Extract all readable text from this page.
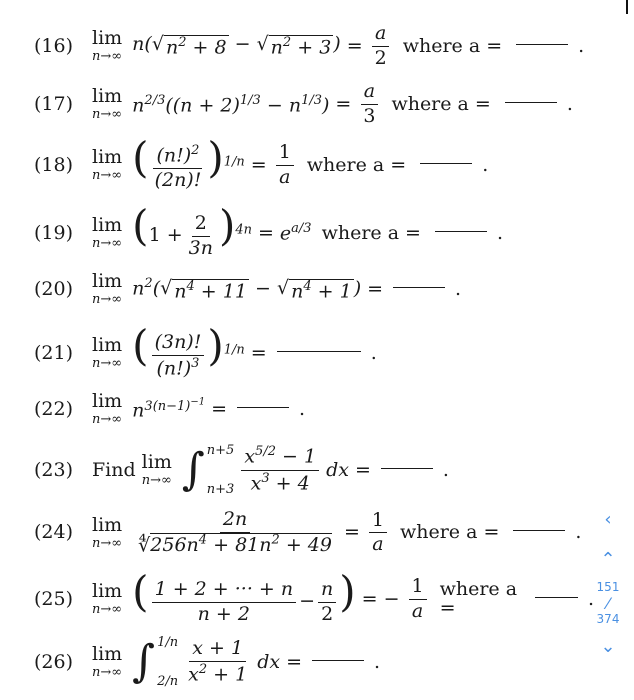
(16) lim
n→∞
n( √ $n^2 + 8$ − √ $n^2 + 3$ ) = $\frac{a}{2}$ where a =	.
(17) lim
n→∞ $n^{2/3}((n + 2)^{1/3} - n^{1/3}) = \frac{a}{3}$ where a =	.
(18) lim
n→∞ ( $\frac{(n!)^2}{(2n)!} )^{1/n} = \frac{1}{a}$ where a =	.
(19) lim
n→∞ $(1 + \frac{2}{3n} )^{4n} = e^{a/3}$ where a =	.
(20) lim
n→∞
$n^2$( √ $n^4 + 11$ − √ $n^4 + 1$ ) =	.
(21) lim
n→∞ ( $\frac{(3n)!}{(n!)^3} )^{1/n}$ =	.
(22) lim
n→∞ $n^{3(n-1)^{-1}}$ =	.
(23) Find lim
n→∞ ∫ n+5
$n+3 \frac{x^{5/2} - 1}{x^3 + 4}$ dx =	.
(24) lim
$n\to\infty \frac{2n}{∜256n^4 + 81n^2 + 49} = \frac{1}{a}$ where a =	.
(25) lim
n→∞ ( $\frac{1 + 2 + \cdot\cdot\cdot + n}{n + 2} - \frac{n}{2}$ ) = − $\frac{1}{a}$ where a =	.
(26) lim
n→∞ ∫ 1/n
$2/n \frac{x + 1}{x^2 + 1}$ dx =	.
‹
⌃
151
⁄
374
⌄
